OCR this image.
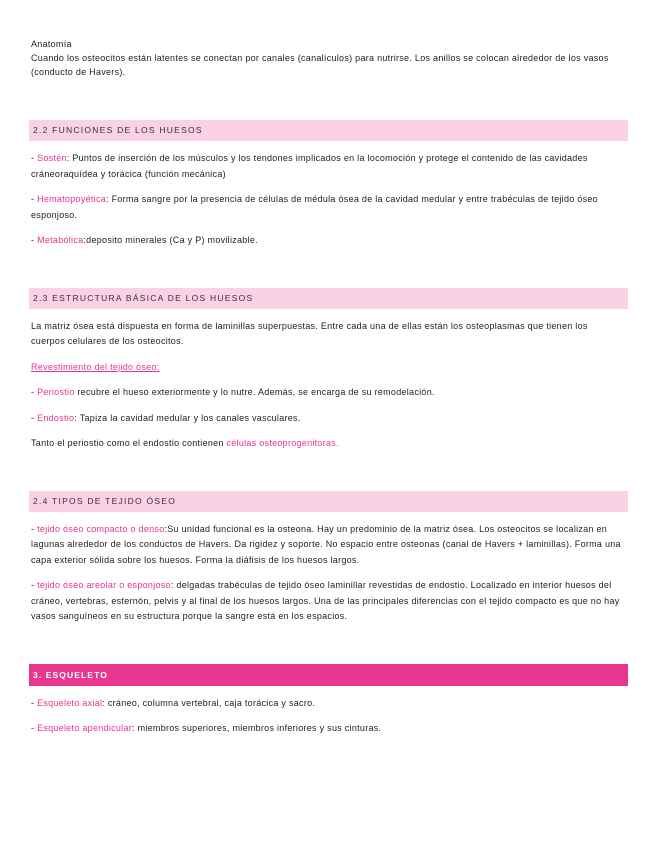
Anatomía

Cuando los osteocitos están latentes se conectan por canales (canalículos) para nutrirse. Los anillos se colocan alrededor de los vasos (conducto de Havers).

2.2 FUNCIONES DE LOS HUESOS

- Sostén: Puntos de inserción de los músculos y los tendones implicados en la locomoción y protege el contenido de las cavidades cráneoraquídea y torácica (función mecánica)

- Hematopoyética: Forma sangre por la presencia de células de médula ósea de la cavidad medular y entre trabéculas de tejido óseo esponjoso.

- Metabólica:deposito minerales (Ca y P) movilizable.

2.3 ESTRUCTURA BÁSICA DE LOS HUESOS

La matriz ósea está dispuesta en forma de laminillas superpuestas. Entre cada una de ellas están los osteoplasmas que tienen los cuerpos celulares de los osteocitos.

Revestimiento del tejido óseo:

- Periostio recubre el hueso exteriormente y lo nutre. Además, se encarga de su remodelación.

- Endostio: Tapiza la cavidad medular y los canales vasculares.

Tanto el periostio como el endostio contienen células osteoprogenitoras.

2.4 TIPOS DE TEJIDO ÓSEO

- tejido óseo compacto o denso:Su unidad funcional es la osteona. Hay un predominio de la matriz ósea. Los osteocitos se localizan en lagunas alrededor de los conductos de Havers. Da rigidez y soporte. No espacio entre osteonas (canal de Havers + laminillas). Forma una capa exterior sólida sobre los huesos. Forma la diáfisis de los huesos largos.

- tejido óseo areolar o esponjoso: delgadas trabéculas de tejido óseo laminillar revestidas de endostio. Localizado en interior huesos del cráneo, vertebras, esternón, pelvis y al final de los huesos largos. Una de las principales diferencias con el tejido compacto es que no hay vasos sanguíneos en su estructura porque la sangre está en los espacios.

3. ESQUELETO

- Esqueleto axial: cráneo, columna vertebral, caja torácica y sacro.

- Esqueleto apendicular: miembros superiores, miembros inferiores y sus cinturas.
